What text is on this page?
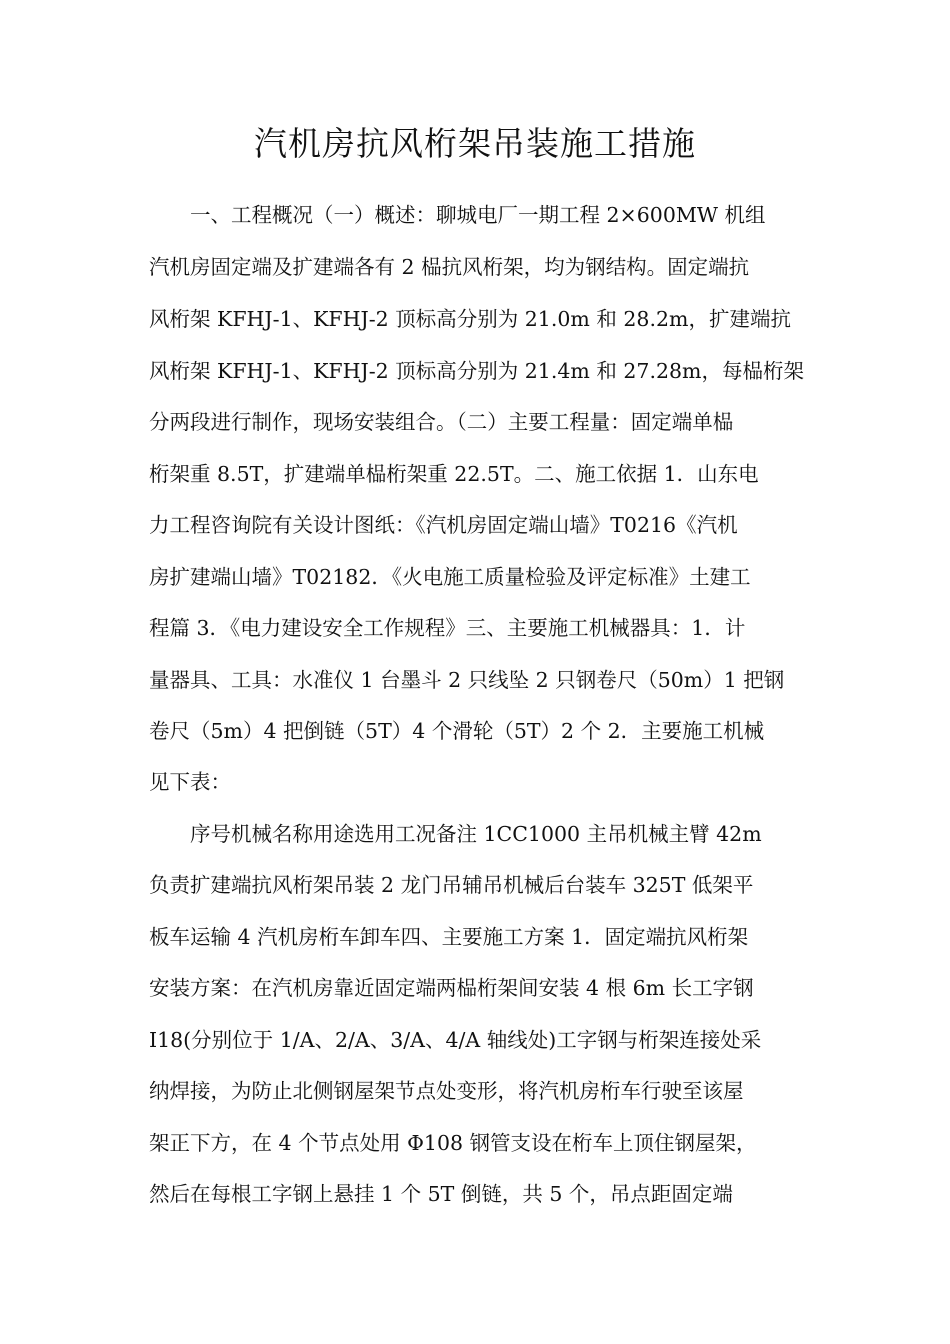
汽机房抗风桁架吊装施工措施

　　一、工程概况（一）概述：聊城电厂一期工程 2×600MW 机组

汽机房固定端及扩建端各有 2 榀抗风桁架，均为钢结构。固定端抗

风桁架 KFHJ-1、KFHJ-2 顶标高分别为 21.0m 和 28.2m，扩建端抗

风桁架 KFHJ-1、KFHJ-2 顶标高分别为 21.4m 和 27.28m，每榀桁架

分两段进行制作，现场安装组合。（二）主要工程量：固定端单榀

桁架重 8.5T，扩建端单榀桁架重 22.5T。二、施工依据 1．山东电

力工程咨询院有关设计图纸：《汽机房固定端山墙》T0216《汽机

房扩建端山墙》T02182．《火电施工质量检验及评定标准》土建工

程篇 3．《电力建设安全工作规程》三、主要施工机械器具：1．计

量器具、工具：水准仪 1 台墨斗 2 只线坠 2 只钢卷尺（50m）1 把钢

卷尺（5m）4 把倒链（5T）4 个滑轮（5T）2 个 2．主要施工机械

见下表：

　　序号机械名称用途选用工况备注 1CC1000 主吊机械主臂 42m

负责扩建端抗风桁架吊装 2 龙门吊辅吊机械后台装车 325T 低架平

板车运输 4 汽机房桁车卸车四、主要施工方案 1．固定端抗风桁架

安装方案：在汽机房靠近固定端两榀桁架间安装 4 根 6m 长工字钢

I18(分别位于 1/A、2/A、3/A、4/A 轴线处)工字钢与桁架连接处采

纳焊接，为防止北侧钢屋架节点处变形，将汽机房桁车行驶至该屋

架正下方，在 4 个节点处用 Φ108 钢管支设在桁车上顶住钢屋架，

然后在每根工字钢上悬挂 1 个 5T 倒链，共 5 个，吊点距固定端
